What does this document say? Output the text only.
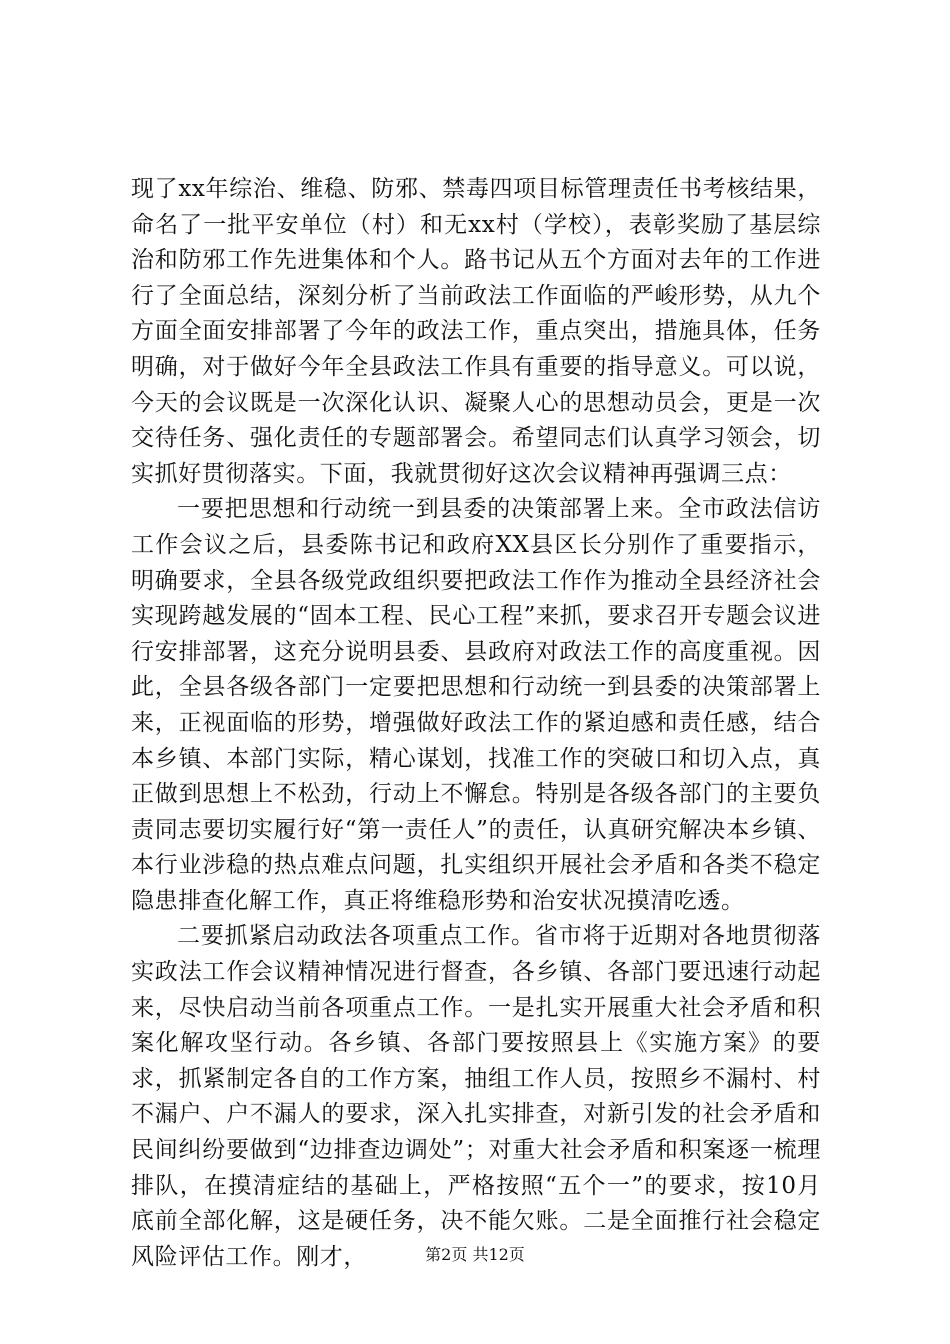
现了xx年综治、维稳、防邪、禁毒四项目标管理责任书考核结果，命名了一批平安单位（村）和无xx村（学校），表彰奖励了基层综治和防邪工作先进集体和个人。路书记从五个方面对去年的工作进行了全面总结，深刻分析了当前政法工作面临的严峻形势，从九个方面全面安排部署了今年的政法工作，重点突出，措施具体，任务明确，对于做好今年全县政法工作具有重要的指导意义。可以说，今天的会议既是一次深化认识、凝聚人心的思想动员会，更是一次交待任务、强化责任的专题部署会。希望同志们认真学习领会，切实抓好贯彻落实。下面，我就贯彻好这次会议精神再强调三点：

一要把思想和行动统一到县委的决策部署上来。全市政法信访工作会议之后，县委陈书记和政府XX县区长分别作了重要指示，明确要求，全县各级党政组织要把政法工作作为推动全县经济社会实现跨越发展的“固本工程、民心工程”来抓，要求召开专题会议进行安排部署，这充分说明县委、县政府对政法工作的高度重视。因此，全县各级各部门一定要把思想和行动统一到县委的决策部署上来，正视面临的形势，增强做好政法工作的紧迫感和责任感，结合本乡镇、本部门实际，精心谋划，找准工作的突破口和切入点，真正做到思想上不松劲，行动上不懈怠。特别是各级各部门的主要负责同志要切实履行好“第一责任人”的责任，认真研究解决本乡镇、本行业涉稳的热点难点问题，扎实组织开展社会矛盾和各类不稳定隐患排查化解工作，真正将维稳形势和治安状况摸清吃透。

二要抓紧启动政法各项重点工作。省市将于近期对各地贯彻落实政法工作会议精神情况进行督查，各乡镇、各部门要迅速行动起来，尽快启动当前各项重点工作。一是扎实开展重大社会矛盾和积案化解攻坚行动。各乡镇、各部门要按照县上《实施方案》的要求，抓紧制定各自的工作方案，抽组工作人员，按照乡不漏村、村不漏户、户不漏人的要求，深入扎实排查，对新引发的社会矛盾和民间纠纷要做到“边排查边调处”；对重大社会矛盾和积案逐一梳理排队，在摸清症结的基础上，严格按照“五个一”的要求，按10月底前全部化解，这是硬任务，决不能欠账。二是全面推行社会稳定风险评估工作。刚才，	第2页 共12页
